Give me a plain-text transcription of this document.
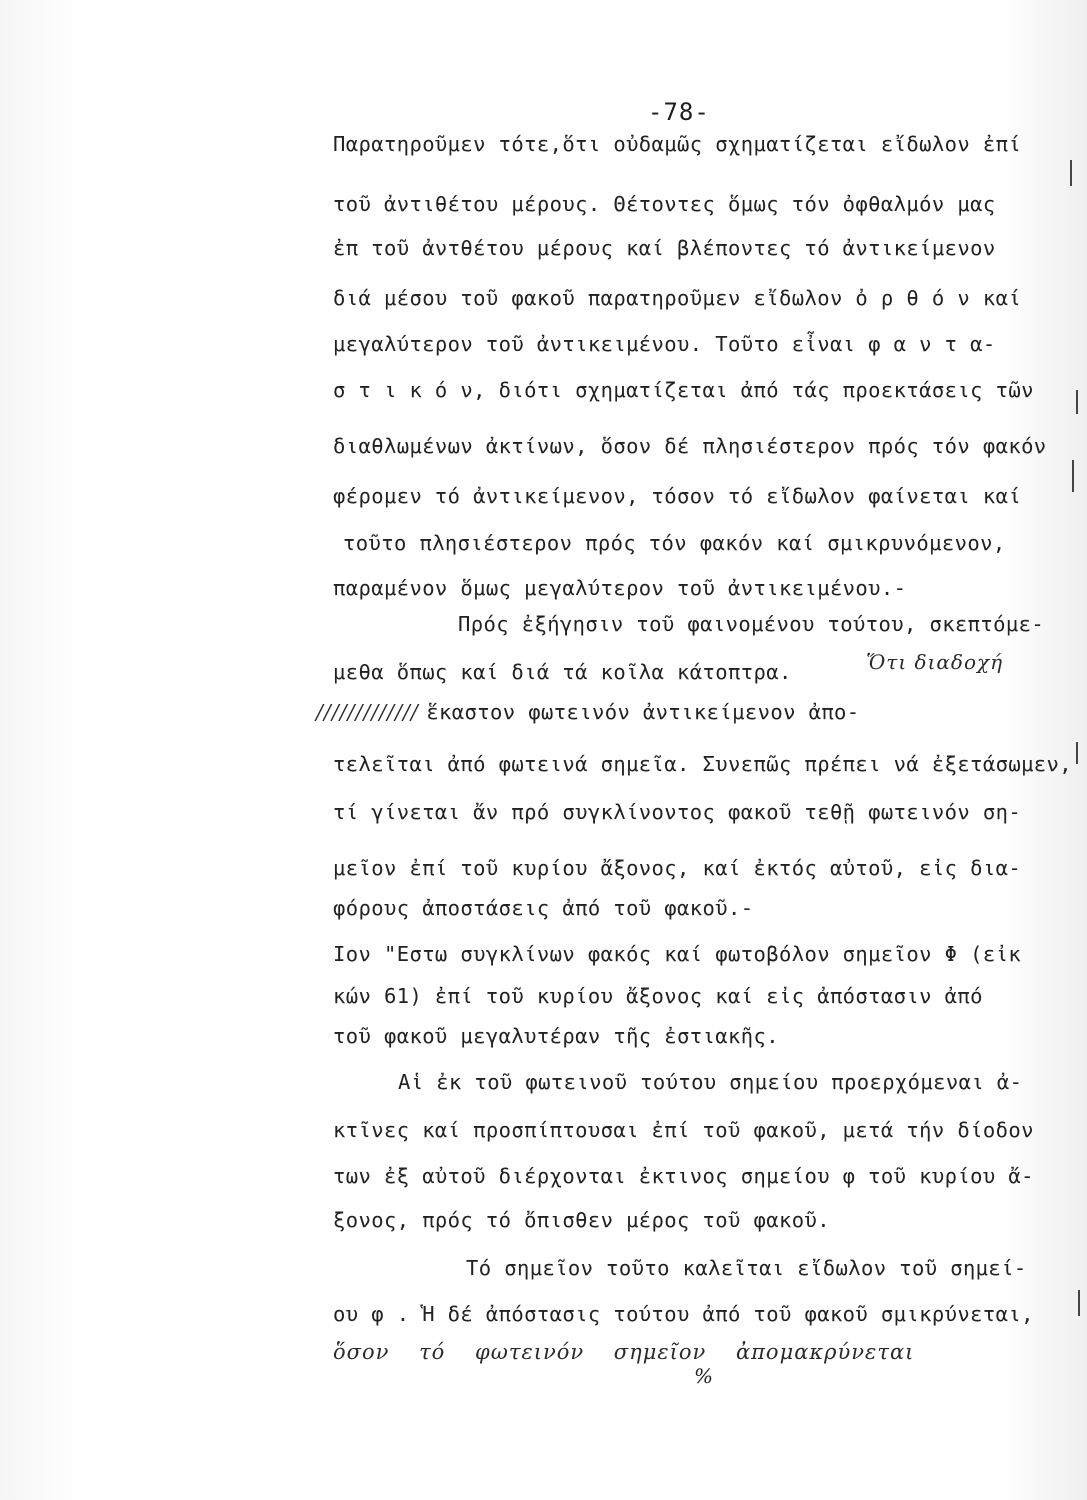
-78-
Παρατηροῦμεν τότε,ὅτι οὐδαμῶς σχηματίζεται εἴδωλον ἐπί
τοῦ ἀντιθέτου μέρους. Θέτοντες ὅμως τόν ὀφθαλμόν μας
ἐπ τοῦ ἀντθέτου μέρους καί βλέποντες τό ἀντικείμενον
διά μέσου τοῦ φακοῦ παρατηροῦμεν εἴδωλον ὀ ρ θ ό ν καί
μεγαλύτερον τοῦ ἀντικειμένου. Τοῦτο εἶναι φ α ν τ α-
σ τ ι κ ό ν, διότι σχηματίζεται ἀπό τάς προεκτάσεις τῶν
διαθλωμένων ἀκτίνων, ὅσον δέ πλησιέστερον πρός τόν φακόν
φέρομεν τό ἀντικείμενον, τόσον τό εἴδωλον φαίνεται καί
τοῦτο πλησιέστερον πρός τόν φακόν καί σμικρυνόμενον,
παραμένον ὅμως μεγαλύτερον τοῦ ἀντικειμένου.-
Πρός ἐξήγησιν τοῦ φαινομένου τούτου, σκεπτόμε-
μεθα ὅπως καί διά τά κοῖλα κάτοπτρα.	Ὅτι διαδοχή
///////////// ἕκαστον φωτεινόν ἀντικείμενον ἀπο-
τελεῖται ἀπό φωτεινά σημεῖα. Συνεπῶς πρέπει νά ἐξετάσωμεν,
τί γίνεται ἄν πρό συγκλίνοντος φακοῦ τεθῇ φωτεινόν ση-
μεῖον ἐπί τοῦ κυρίου ἄξονος, καί ἐκτός αὐτοῦ, εἰς δια-
φόρους ἀποστάσεις ἀπό τοῦ φακοῦ.-
Ιον "Εστω συγκλίνων φακός καί φωτοβόλον σημεῖον Φ (εἰκ
κών 61) ἐπί τοῦ κυρίου ἄξονος καί εἰς ἀπόστασιν ἀπό
τοῦ φακοῦ μεγαλυτέραν τῆς ἐστιακῆς.
Αἱ ἐκ τοῦ φωτεινοῦ τούτου σημείου προερχόμεναι ἀ-
κτῖνες καί προσπίπτουσαι ἐπί τοῦ φακοῦ, μετά τήν δίοδον
των ἐξ αὐτοῦ διέρχονται ἐκτινος σημείου φ τοῦ κυρίου ἄ-
ξονος, πρός τό ὄπισθεν μέρος τοῦ φακοῦ.
Τό σημεῖον τοῦτο καλεῖται εἴδωλον τοῦ σημεί-
ου φ . Ἡ δέ ἀπόστασις τούτου ἀπό τοῦ φακοῦ σμικρύνεται,
ὅσον τό φωτεινόν σημεῖον ἀπομακρύνεται
%
